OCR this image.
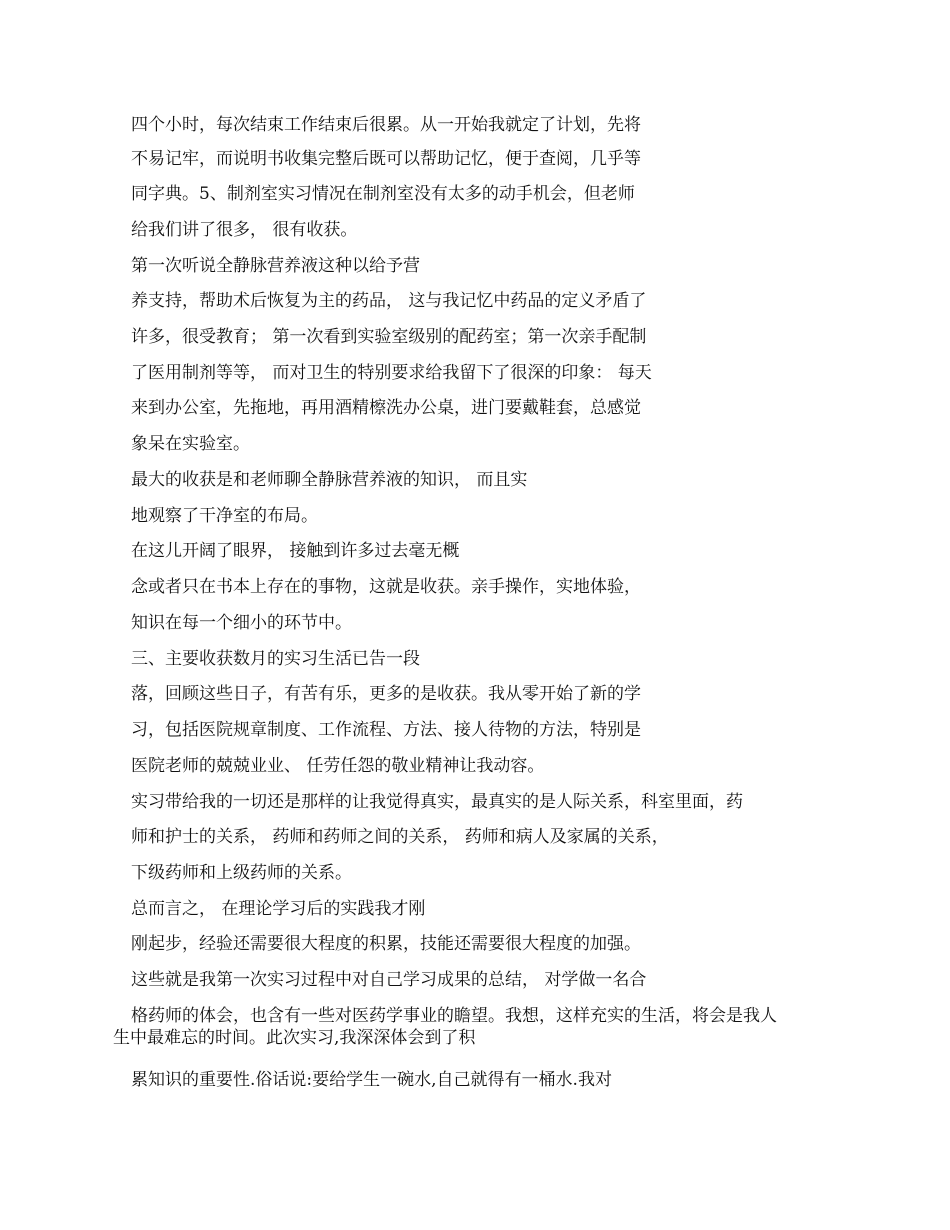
四个小时，每次结束工作结束后很累。从一开始我就定了计划，先将
不易记牢，而说明书收集完整后既可以帮助记忆，便于查阅，几乎等
同字典。5、制剂室实习情况在制剂室没有太多的动手机会，但老师
给我们讲了很多， 很有收获。
第一次听说全静脉营养液这种以给予营
养支持，帮助术后恢复为主的药品， 这与我记忆中药品的定义矛盾了
许多，很受教育； 第一次看到实验室级别的配药室；第一次亲手配制
了医用制剂等等， 而对卫生的特别要求给我留下了很深的印象： 每天
来到办公室，先拖地，再用酒精檫洗办公桌，进门要戴鞋套，总感觉
象呆在实验室。
最大的收获是和老师聊全静脉营养液的知识， 而且实
地观察了干净室的布局。
在这儿开阔了眼界， 接触到许多过去毫无概
念或者只在书本上存在的事物，这就是收获。亲手操作，实地体验，
知识在每一个细小的环节中。
三、主要收获数月的实习生活已告一段
落，回顾这些日子，有苦有乐，更多的是收获。我从零开始了新的学
习，包括医院规章制度、工作流程、方法、接人待物的方法，特别是
医院老师的兢兢业业、 任劳任怨的敬业精神让我动容。
实习带给我的一切还是那样的让我觉得真实，最真实的是人际关系，科室里面，药
师和护士的关系， 药师和药师之间的关系， 药师和病人及家属的关系，
下级药师和上级药师的关系。
总而言之， 在理论学习后的实践我才刚
刚起步，经验还需要很大程度的积累，技能还需要很大程度的加强。
这些就是我第一次实习过程中对自己学习成果的总结， 对学做一名合
格药师的体会，也含有一些对医药学事业的瞻望。我想，这样充实的生活，将会是我人
生中最难忘的时间。此次实习,我深深体会到了积
累知识的重要性.俗话说:要给学生一碗水,自己就得有一桶水.我对
